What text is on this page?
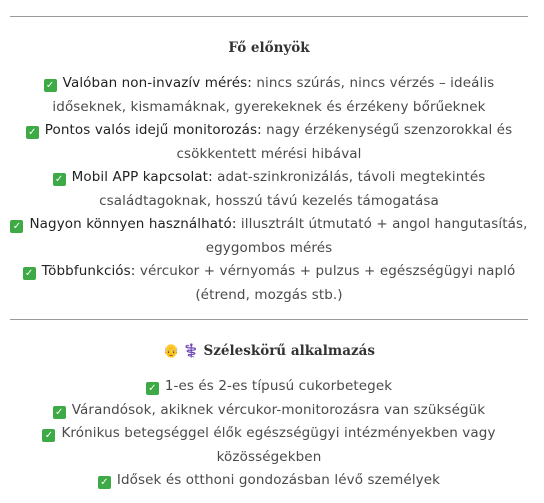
Fő előnyök

✓ Valóban non-invazív mérés: nincs szúrás, nincs vérzés – ideális időseknek, kismamáknak, gyerekeknek és érzékeny bőrűeknek

✓ Pontos valós idejű monitorozás: nagy érzékenységű szenzorokkal és csökkentett mérési hibával

✓ Mobil APP kapcsolat: adat-szinkronizálás, távoli megtekintés családtagoknak, hosszú távú kezelés támogatása

✓ Nagyon könnyen használható: illusztrált útmutató + angol hangutasítás, egygombos mérés

✓ Többfunkciós: vércukor + vérnyomás + pulzus + egészségügyi napló (étrend, mozgás stb.)

👴 ⚕️ Széleskörű alkalmazás

✓ 1-es és 2-es típusú cukorbetegek

✓ Várandósok, akiknek vércukor-monitorozásra van szükségük

✓ Krónikus betegséggel élők egészségügyi intézményekben vagy közösségekben

✓ Idősek és otthoni gondozásban lévő személyek
